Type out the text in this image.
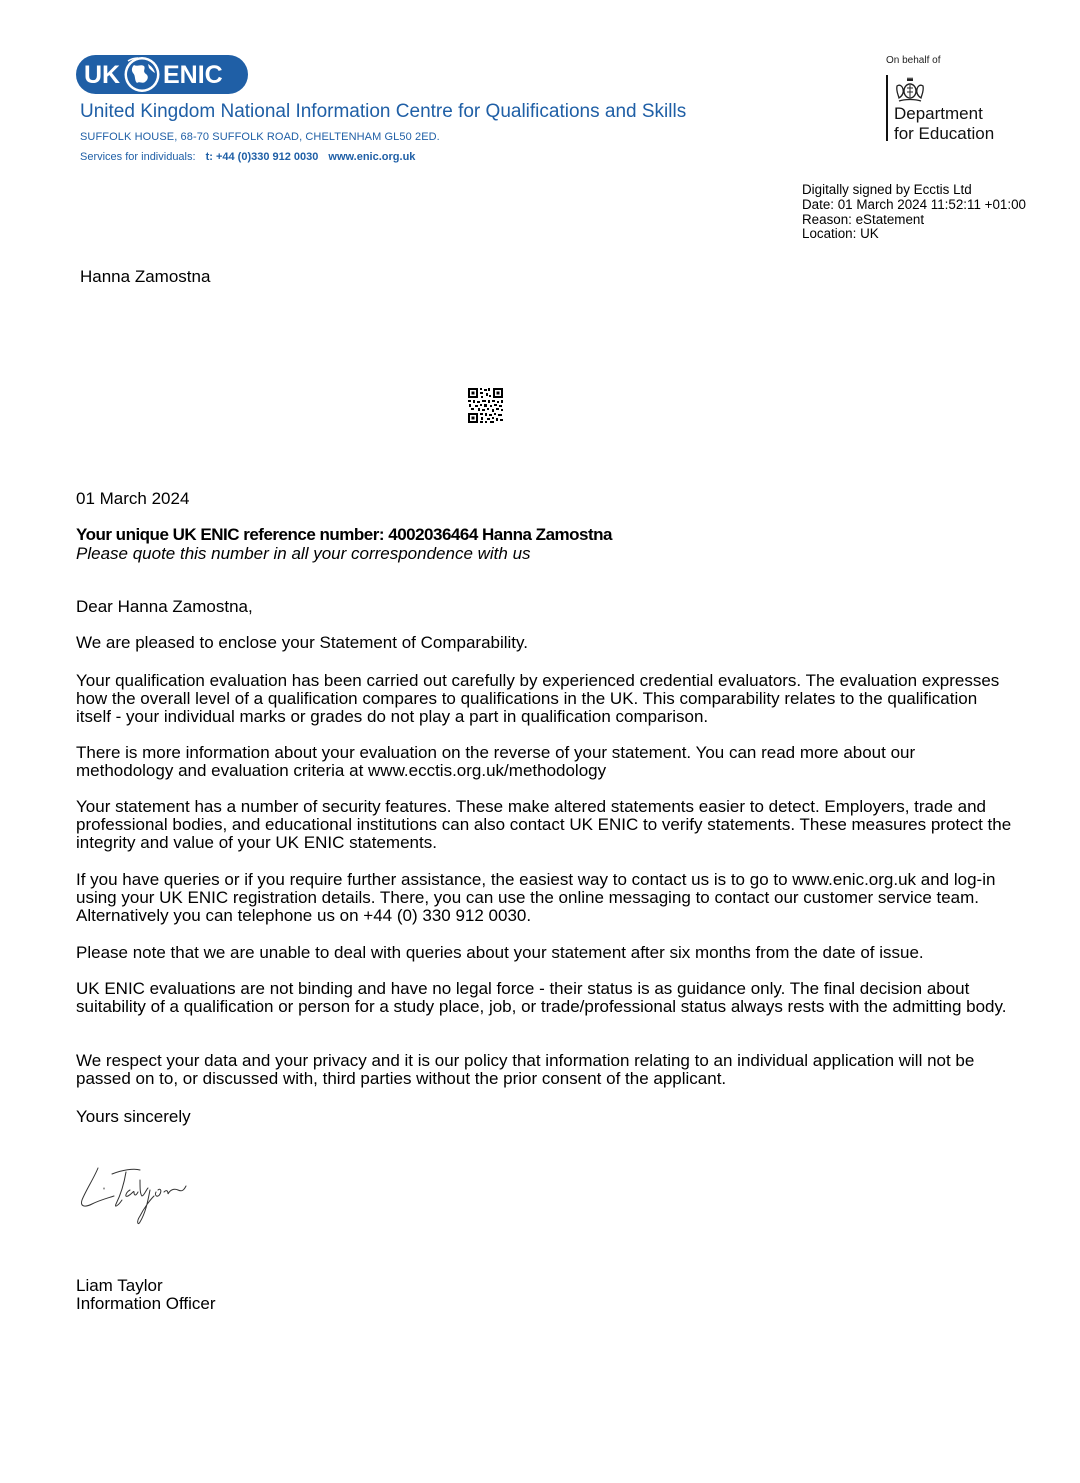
UK ENIC
United Kingdom National Information Centre for Qualifications and Skills
SUFFOLK HOUSE, 68-70 SUFFOLK ROAD, CHELTENHAM GL50 2ED.
Services for individuals: t: +44 (0)330 912 0030 www.enic.org.uk
On behalf of
Department
for Education
Digitally signed by Ecctis Ltd
Date: 01 March 2024 11:52:11 +01:00
Reason: eStatement
Location: UK
Hanna Zamostna
01 March 2024
Your unique UK ENIC reference number: 4002036464 Hanna Zamostna
Please quote this number in all your correspondence with us
Dear Hanna Zamostna,
We are pleased to enclose your Statement of Comparability.
Your qualification evaluation has been carried out carefully by experienced credential evaluators. The evaluation expresses how the overall level of a qualification compares to qualifications in the UK. This comparability relates to the qualification itself - your individual marks or grades do not play a part in qualification comparison.
There is more information about your evaluation on the reverse of your statement. You can read more about our methodology and evaluation criteria at www.ecctis.org.uk/methodology
Your statement has a number of security features. These make altered statements easier to detect. Employers, trade and professional bodies, and educational institutions can also contact UK ENIC to verify statements. These measures protect the integrity and value of your UK ENIC statements.
If you have queries or if you require further assistance, the easiest way to contact us is to go to www.enic.org.uk and log-in using your UK ENIC registration details. There, you can use the online messaging to contact our customer service team. Alternatively you can telephone us on +44 (0) 330 912 0030.
Please note that we are unable to deal with queries about your statement after six months from the date of issue.
UK ENIC evaluations are not binding and have no legal force - their status is as guidance only. The final decision about suitability of a qualification or person for a study place, job, or trade/professional status always rests with the admitting body.
We respect your data and your privacy and it is our policy that information relating to an individual application will not be passed on to, or discussed with, third parties without the prior consent of the applicant.
Yours sincerely
Liam Taylor
Information Officer
